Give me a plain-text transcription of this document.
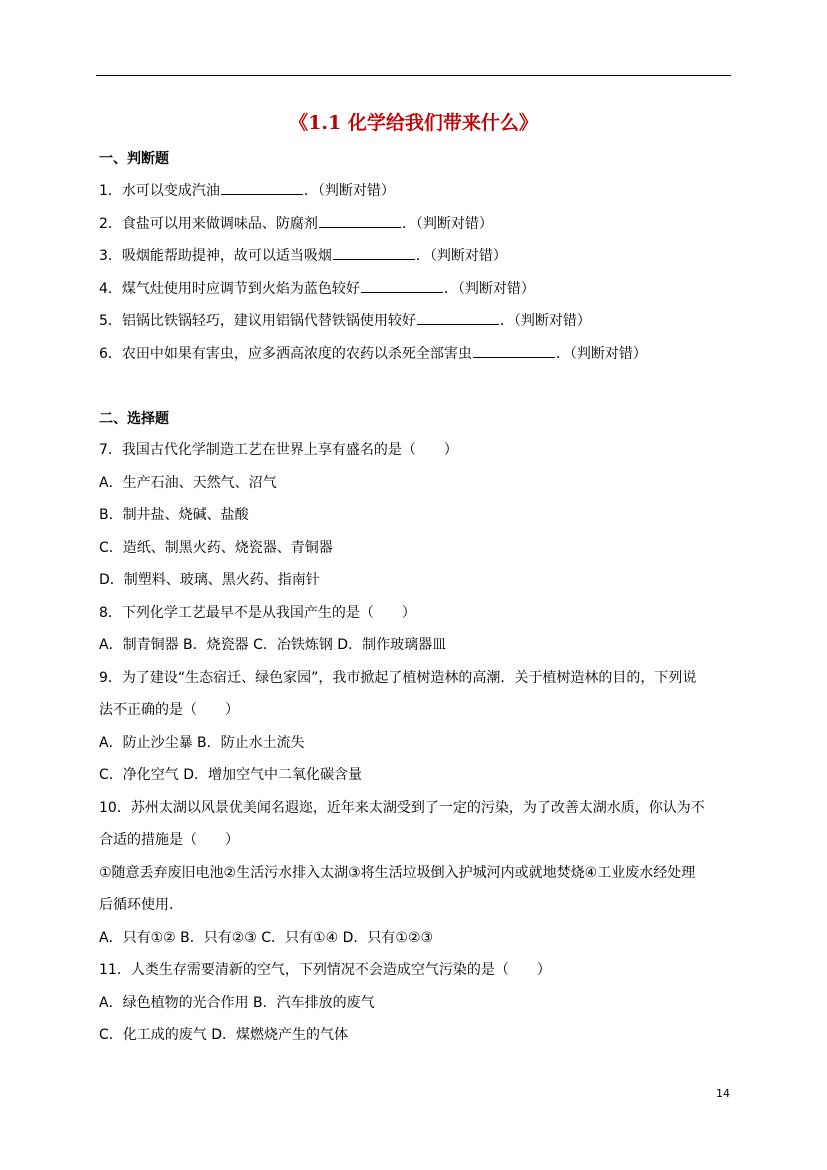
《1.1 化学给我们带来什么》
一、判断题
1．水可以变成汽油	．（判断对错）
2．食盐可以用来做调味品、防腐剂	．（判断对错）
3．吸烟能帮助提神，故可以适当吸烟	．（判断对错）
4．煤气灶使用时应调节到火焰为蓝色较好	．（判断对错）
5．铝锅比铁锅轻巧，建议用铝锅代替铁锅使用较好	．（判断对错）
6．农田中如果有害虫，应多洒高浓度的农药以杀死全部害虫	．（判断对错）
二、选择题
7．我国古代化学制造工艺在世界上享有盛名的是（　　）
A．生产石油、天然气、沼气
B．制井盐、烧碱、盐酸
C．造纸、制黑火药、烧瓷器、青铜器
D．制塑料、玻璃、黑火药、指南针
8．下列化学工艺最早不是从我国产生的是（　　）
A．制青铜器 B．烧瓷器 C．冶铁炼钢 D．制作玻璃器皿
9．为了建设“生态宿迁、绿色家园”，我市掀起了植树造林的高潮．关于植树造林的目的，下列说
法不正确的是（　　）
A．防止沙尘暴 B．防止水土流失
C．净化空气 D．增加空气中二氧化碳含量
10．苏州太湖以风景优美闻名遐迩，近年来太湖受到了一定的污染，为了改善太湖水质，你认为不
合适的措施是（　　）
①随意丢弃废旧电池②生活污水排入太湖③将生活垃圾倒入护城河内或就地焚烧④工业废水经处理
后循环使用．
A．只有①② B．只有②③ C．只有①④ D．只有①②③
11．人类生存需要清新的空气，下列情况不会造成空气污染的是（　　）
A．绿色植物的光合作用 B．汽车排放的废气
C．化工成的废气 D．煤燃烧产生的气体
14
